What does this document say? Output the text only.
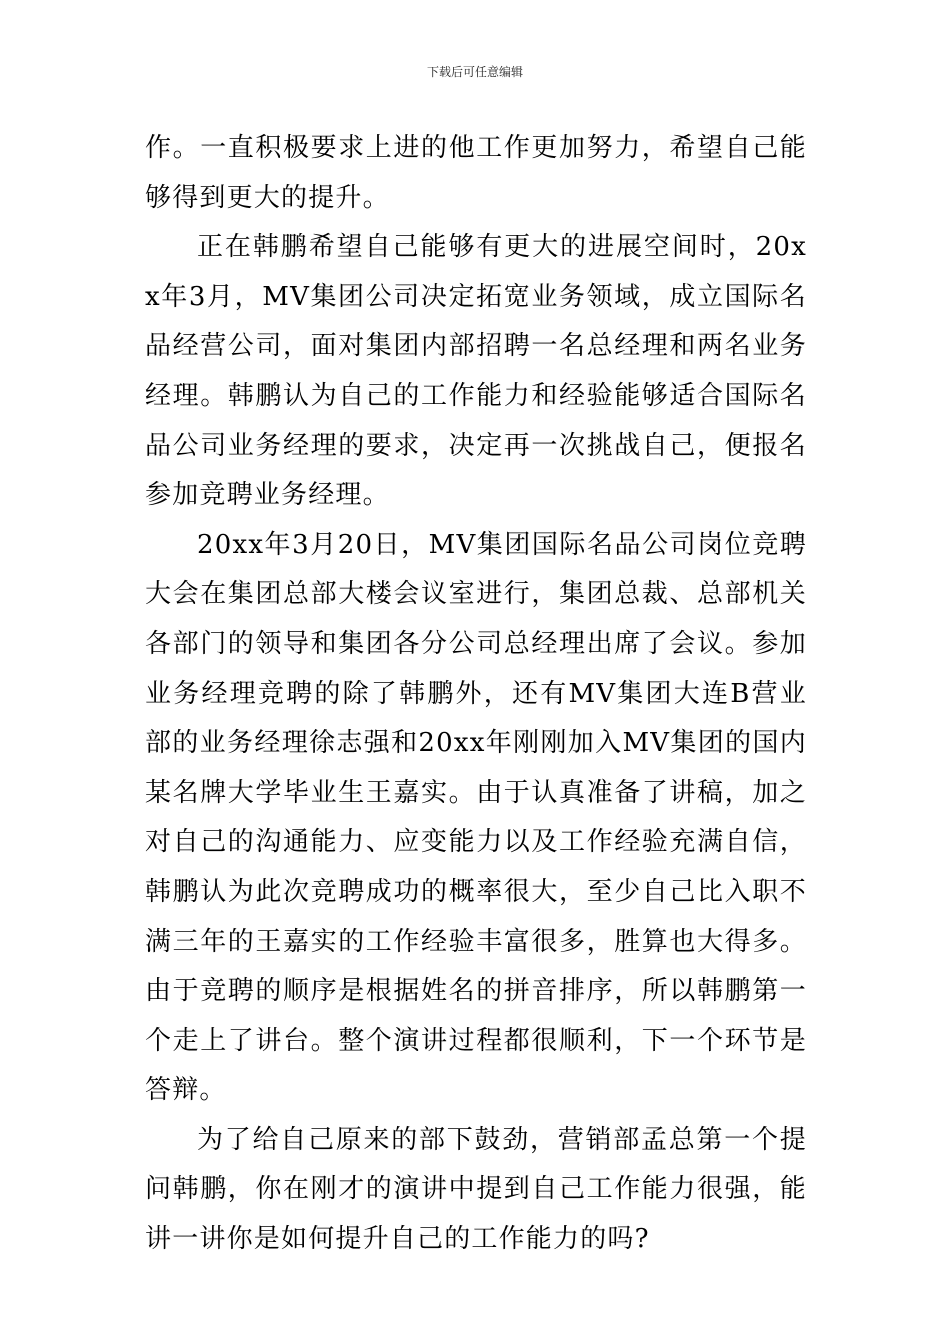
下载后可任意编辑

作。一直积极要求上进的他工作更加努力，希望自己能够得到更大的提升。

正在韩鹏希望自己能够有更大的进展空间时，20xx年3月，MV集团公司决定拓宽业务领域，成立国际名品经营公司，面对集团内部招聘一名总经理和两名业务经理。韩鹏认为自己的工作能力和经验能够适合国际名品公司业务经理的要求，决定再一次挑战自己，便报名参加竞聘业务经理。

20xx年3月20日，MV集团国际名品公司岗位竞聘大会在集团总部大楼会议室进行，集团总裁、总部机关各部门的领导和集团各分公司总经理出席了会议。参加业务经理竞聘的除了韩鹏外，还有MV集团大连B营业部的业务经理徐志强和20xx年刚刚加入MV集团的国内某名牌大学毕业生王嘉实。由于认真准备了讲稿，加之对自己的沟通能力、应变能力以及工作经验充满自信，韩鹏认为此次竞聘成功的概率很大，至少自己比入职不满三年的王嘉实的工作经验丰富很多，胜算也大得多。 由于竞聘的顺序是根据姓名的拼音排序，所以韩鹏第一个走上了讲台。整个演讲过程都很顺利，下一个环节是答辩。

为了给自己原来的部下鼓劲，营销部孟总第一个提问韩鹏，你在刚才的演讲中提到自己工作能力很强，能讲一讲你是如何提升自己的工作能力的吗?
